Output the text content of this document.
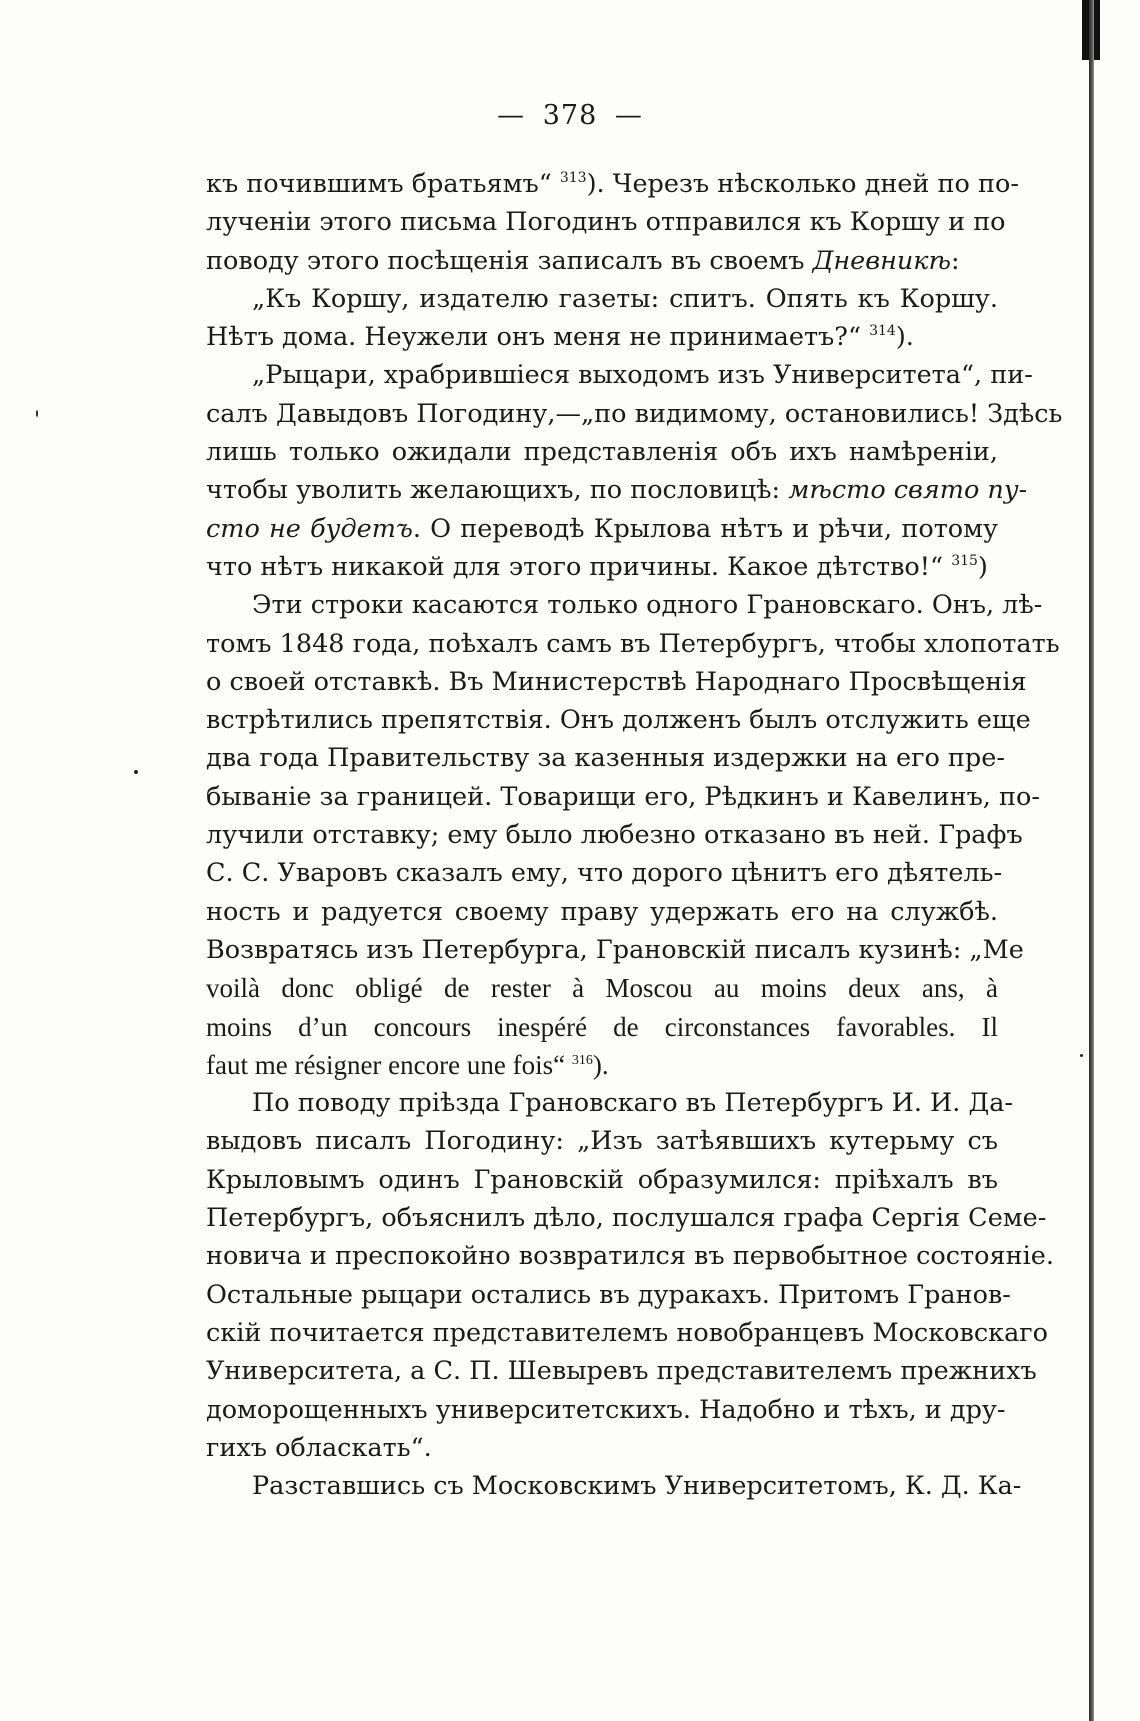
— 378 —
къ почившимъ братьямъ“ $^{313}$). Черезъ нѣсколько дней по по-
лученіи этого письма Погодинъ отправился къ Коршу и по
поводу этого посѣщенія записалъ въ своемъ Дневникѣ:
„Къ Коршу, издателю газеты: спитъ. Опять къ Коршу.
Нѣтъ дома. Неужели онъ меня не принимаетъ?“ $^{314}$).
„Рыцари, храбрившіеся выходомъ изъ Университета“, пи-
салъ Давыдовъ Погодину,—„по видимому, остановились! Здѣсь
лишь только ожидали представленія объ ихъ намѣреніи,
чтобы уволить желающихъ, по пословицѣ: мѣсто свято пу-
сто не будетъ. О переводѣ Крылова нѣтъ и рѣчи, потому
что нѣтъ никакой для этого причины. Какое дѣтство!“ $^{315}$)
Эти строки касаются только одного Грановскаго. Онъ, лѣ-
томъ 1848 года, поѣхалъ самъ въ Петербургъ, чтобы хлопотать
о своей отставкѣ. Въ Министерствѣ Народнаго Просвѣщенія
встрѣтились препятствія. Онъ долженъ былъ отслужить еще
два года Правительству за казенныя издержки на его пре-
бываніе за границей. Товарищи его, Рѣдкинъ и Кавелинъ, по-
лучили отставку; ему было любезно отказано въ ней. Графъ
С. С. Уваровъ сказалъ ему, что дорого цѣнитъ его дѣятель-
ность и радуется своему праву удержать его на службѣ.
Возвратясь изъ Петербурга, Грановскій писалъ кузинѣ: „Me
voilà donc obligé de rester à Moscou au moins deux ans, à
moins d’un concours inespéré de circonstances favorables. Il
faut me résigner encore une fois“ $^{316}$).
По поводу пріѣзда Грановскаго въ Петербургъ И. И. Да-
выдовъ писалъ Погодину: „Изъ затѣявшихъ кутерьму съ
Крыловымъ одинъ Грановскій образумился: пріѣхалъ въ
Петербургъ, объяснилъ дѣло, послушался графа Сергія Семе-
новича и преспокойно возвратился въ первобытное состояніе.
Остальные рыцари остались въ дуракахъ. Притомъ Гранов-
скій почитается представителемъ новобранцевъ Московскаго
Университета, а С. П. Шевыревъ представителемъ прежнихъ
доморощенныхъ университетскихъ. Надобно и тѣхъ, и дру-
гихъ обласкать“.
Разставшись съ Московскимъ Университетомъ, К. Д. Ка-
